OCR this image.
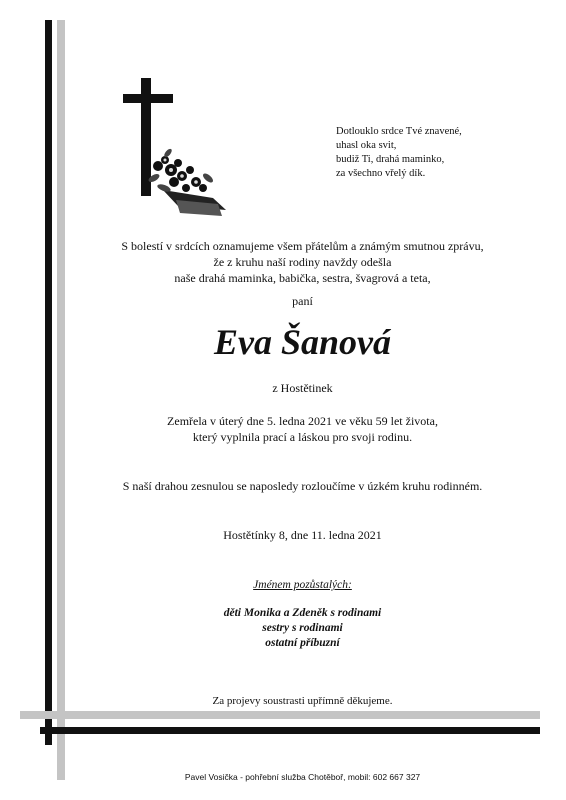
Dotlouklo srdce Tvé znavené,
uhasl oka svit,
budiž Ti, drahá maminko,
za všechno vřelý dík.
S bolestí v srdcích oznamujeme všem přátelům a známým smutnou zprávu,
že z kruhu naší rodiny navždy odešla
naše drahá maminka, babička, sestra, švagrová a teta,
paní
Eva Šanová
z Hostětinek
Zemřela v úterý dne 5. ledna 2021 ve věku 59 let života,
který vyplnila prací a láskou pro svoji rodinu.
S naší drahou zesnulou se naposledy rozloučíme v úzkém kruhu rodinném.
Hostětínky 8, dne 11. ledna 2021
Jménem pozůstalých:
děti Monika a Zdeněk s rodinami
sestry s rodinami
ostatní příbuzní
Za projevy soustrasti upřímně děkujeme.
Pavel Vosička - pohřební služba Chotěboř, mobil: 602 667 327
